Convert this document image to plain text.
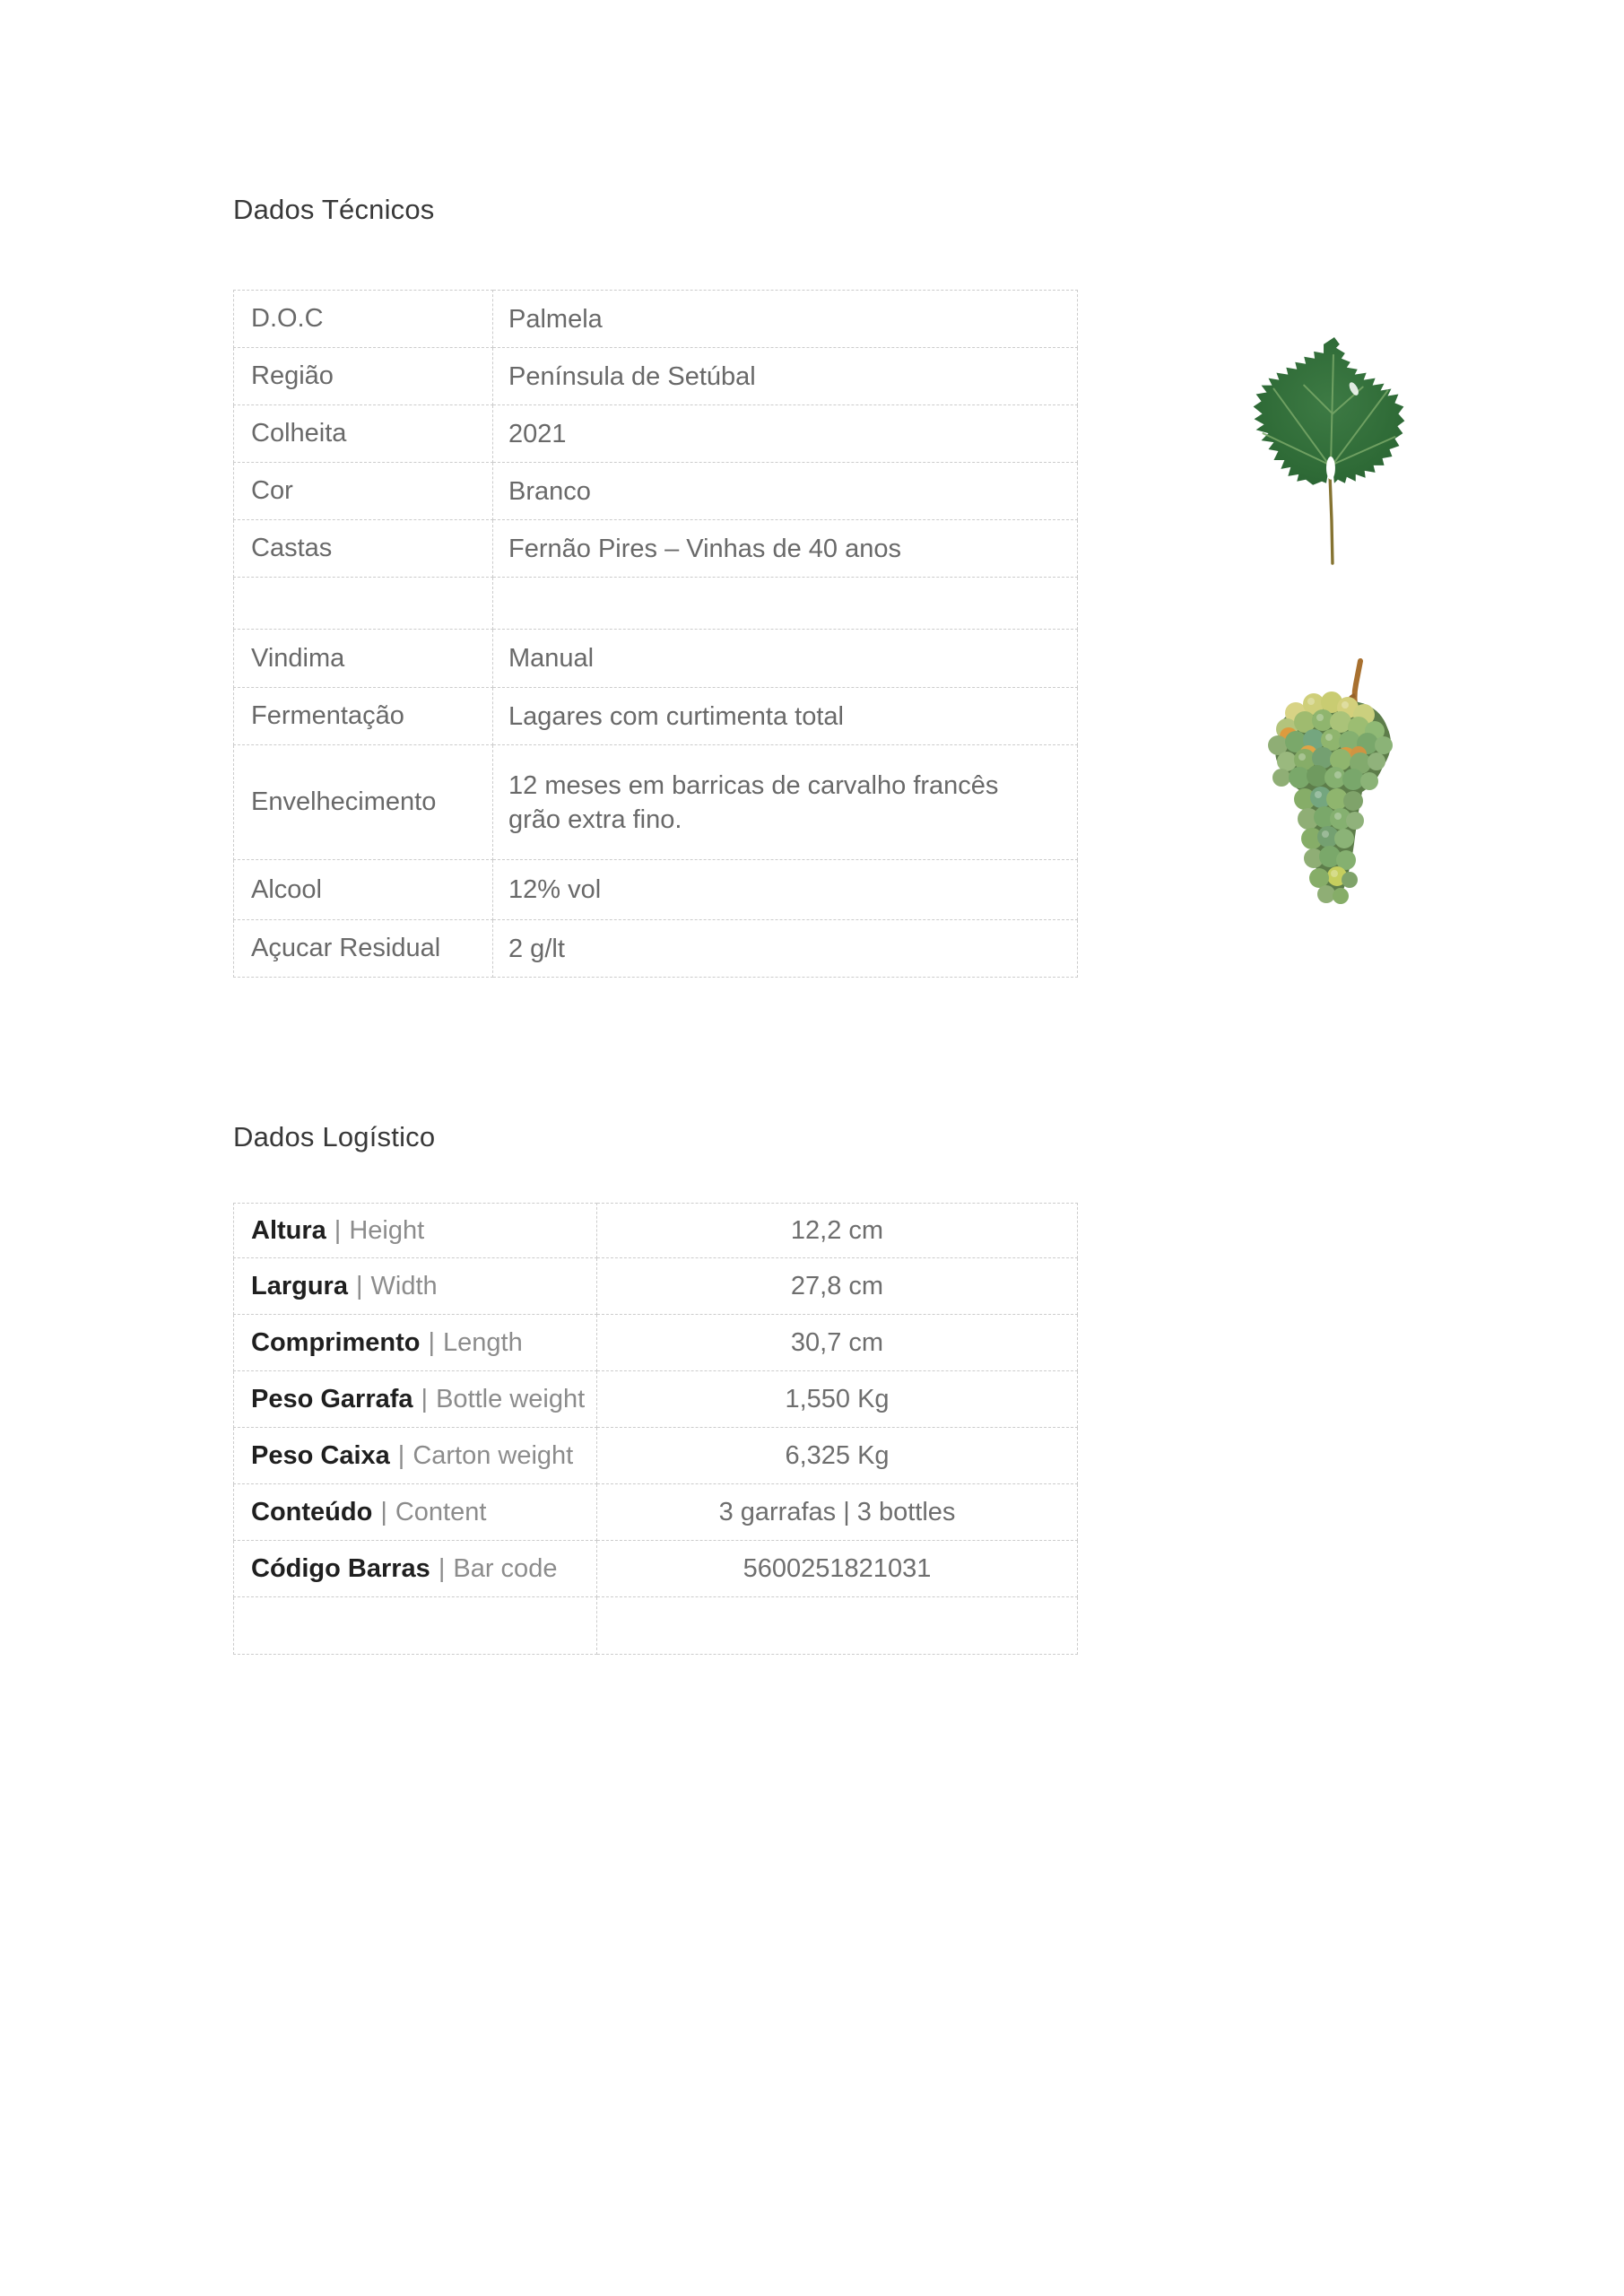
Dados Técnicos
D.O.C	Palmela
Região	Península de Setúbal
Colheita	2021
Cor	Branco
Castas	Fernão Pires – Vinhas de 40 anos

Vindima	Manual
Fermentação	Lagares com curtimenta total
Envelhecimento	12 meses em barricas de carvalho francês grão extra fino.
Alcool	12% vol
Açucar Residual	2 g/lt
Dados Logístico
Altura | Height	12,2 cm
Largura | Width	27,8 cm
Comprimento | Length	30,7 cm
Peso Garrafa | Bottle weight	1,550 Kg
Peso Caixa | Carton weight	6,325 Kg
Conteúdo | Content	3 garrafas | 3 bottles
Código Barras | Bar code	5600251821031
